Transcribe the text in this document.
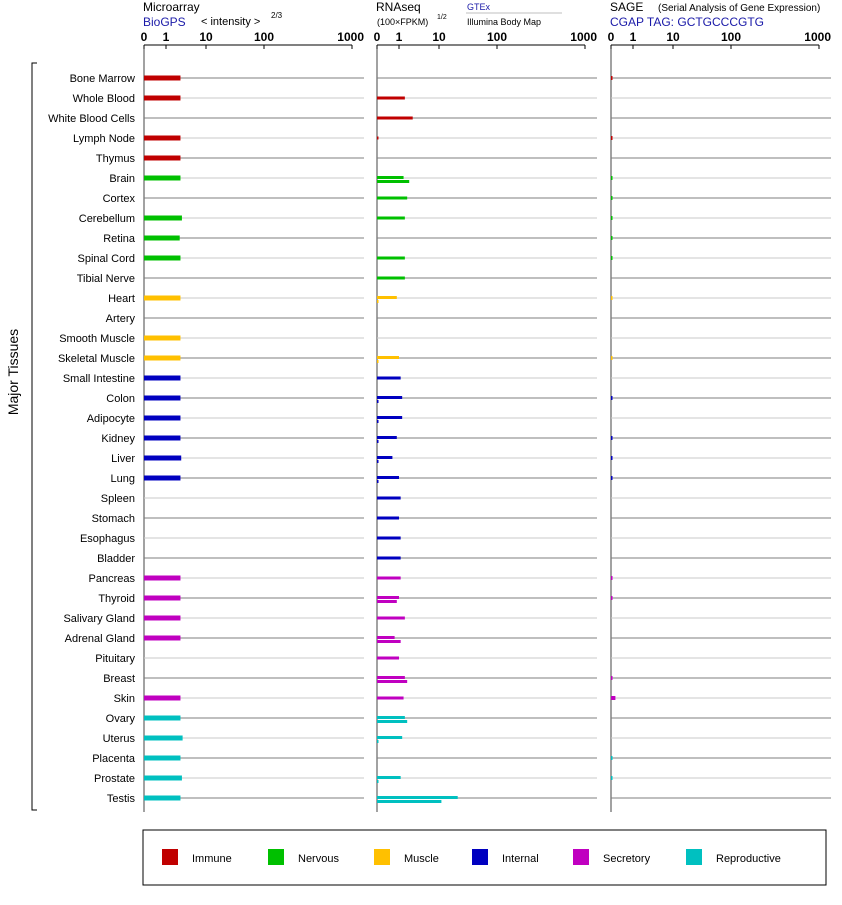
Microarray
BioGPS < intensity >
2/3
RNAseq
(100×FPKM) 1/2
GTEx
Illumina Body Map
SAGE (Serial Analysis of Gene Expression)
CGAP TAG: GCTGCCCGTG
0 1 10	100	1000 0 1 10	100	1000 0 1 10	100	1000
Major Tissues
Bone Marrow
Whole Blood
White Blood Cells
Lymph Node
Thymus
Brain
Cortex
Cerebellum
Retina
Spinal Cord
Tibial Nerve
Heart
Artery
Smooth Muscle
Skeletal Muscle
Small Intestine
Colon
Adipocyte
Kidney
Liver
Lung
Spleen
Stomach
Esophagus
Bladder
Pancreas
Thyroid
Salivary Gland
Adrenal Gland
Pituitary
Breast
Skin
Ovary
Uterus
Placenta
Prostate
Testis
Immune	Nervous	Muscle	Internal	Secretory	Reproductive
